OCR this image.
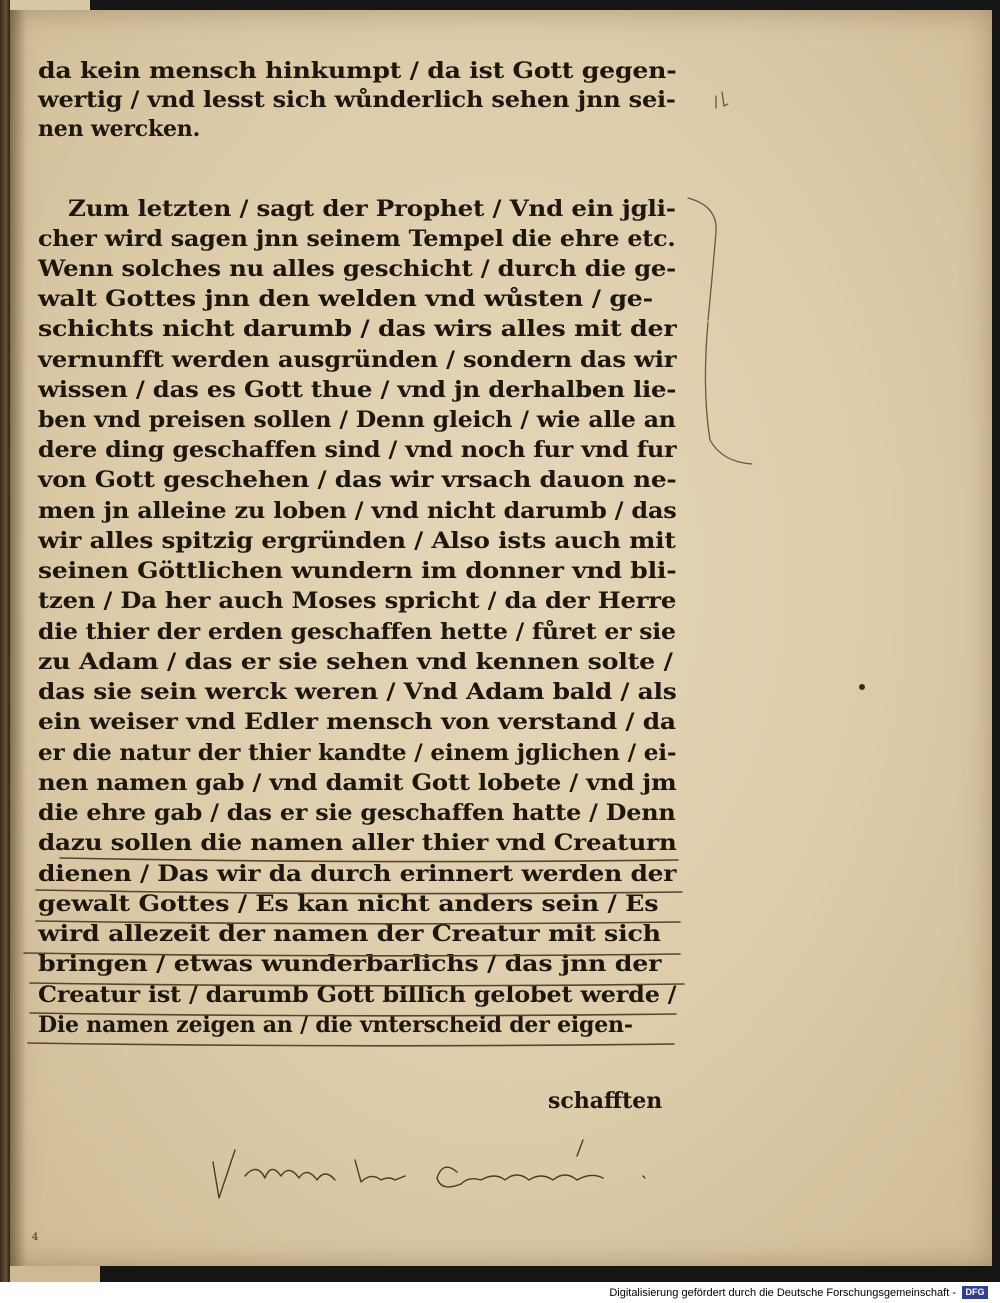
da kein mensch hinkumpt / da ist Gott gegen-
wertig / vnd lesst sich wůnderlich sehen jnn sei-
nen wercken.
Zum letzten / sagt der Prophet / Vnd ein jgli-
cher wird sagen jnn seinem Tempel die ehre etc.
Wenn solches nu alles geschicht / durch die ge-
walt Gottes jnn den welden vnd wůsten / ge-
schichts nicht darumb / das wirs alles mit der
vernunfft werden ausgründen / sondern das wir
wissen / das es Gott thue / vnd jn derhalben lie-
ben vnd preisen sollen / Denn gleich / wie alle an
dere ding geschaffen sind / vnd noch fur vnd fur
von Gott geschehen / das wir vrsach dauon ne-
men jn alleine zu loben / vnd nicht darumb / das
wir alles spitzig ergründen / Also ists auch mit
seinen Göttlichen wundern im donner vnd bli-
tzen / Da her auch Moses spricht / da der Herre
die thier der erden geschaffen hette / fůret er sie
zu Adam / das er sie sehen vnd kennen solte /
das sie sein werck weren / Vnd Adam bald / als
ein weiser vnd Edler mensch von verstand / da
er die natur der thier kandte / einem jglichen / ei-
nen namen gab / vnd damit Gott lobete / vnd jm
die ehre gab / das er sie geschaffen hatte / Denn
dazu sollen die namen aller thier vnd Creaturn
dienen / Das wir da durch erinnert werden der
gewalt Gottes / Es kan nicht anders sein / Es
wird allezeit der namen der Creatur mit sich
bringen / etwas wunderbarlichs / das jnn der
Creatur ist / darumb Gott billich gelobet werde /
Die namen zeigen an / die vnterscheid der eigen-
schafften
4
Digitalisierung gefördert durch die Deutsche Forschungsgemeinschaft -	DFG
